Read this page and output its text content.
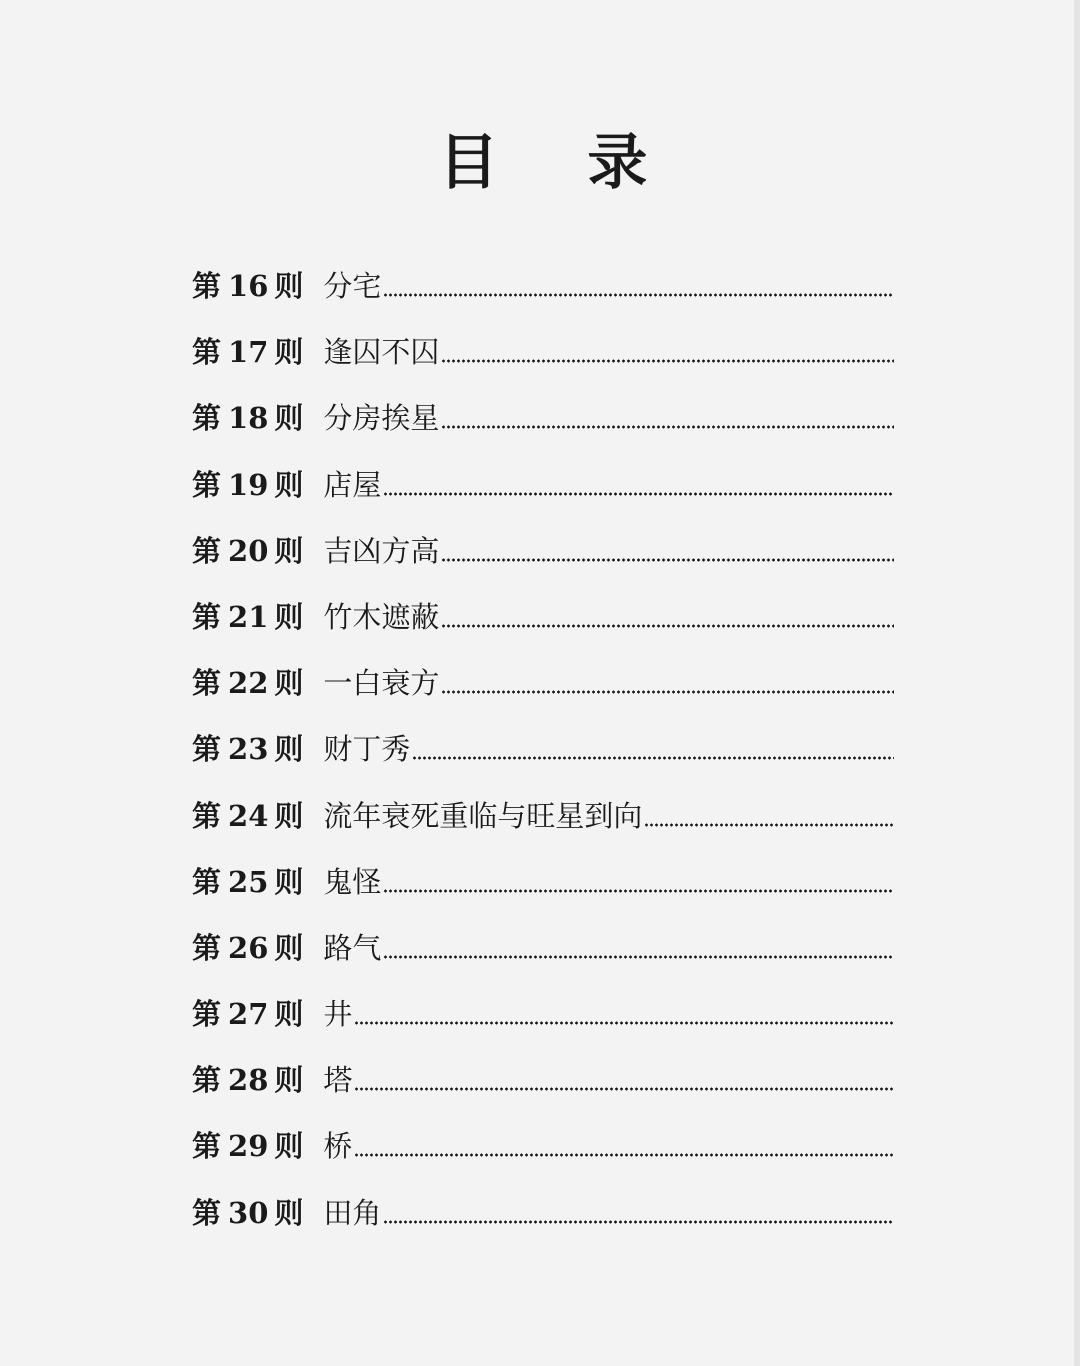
目 录
第 16 则 分宅
第 17 则 逢囚不囚
第 18 则 分房挨星
第 19 则 店屋
第 20 则 吉凶方高
第 21 则 竹木遮蔽
第 22 则 一白衰方
第 23 则 财丁秀
第 24 则 流年衰死重临与旺星到向
第 25 则 鬼怪
第 26 则 路气
第 27 则 井
第 28 则 塔
第 29 则 桥
第 30 则 田角
